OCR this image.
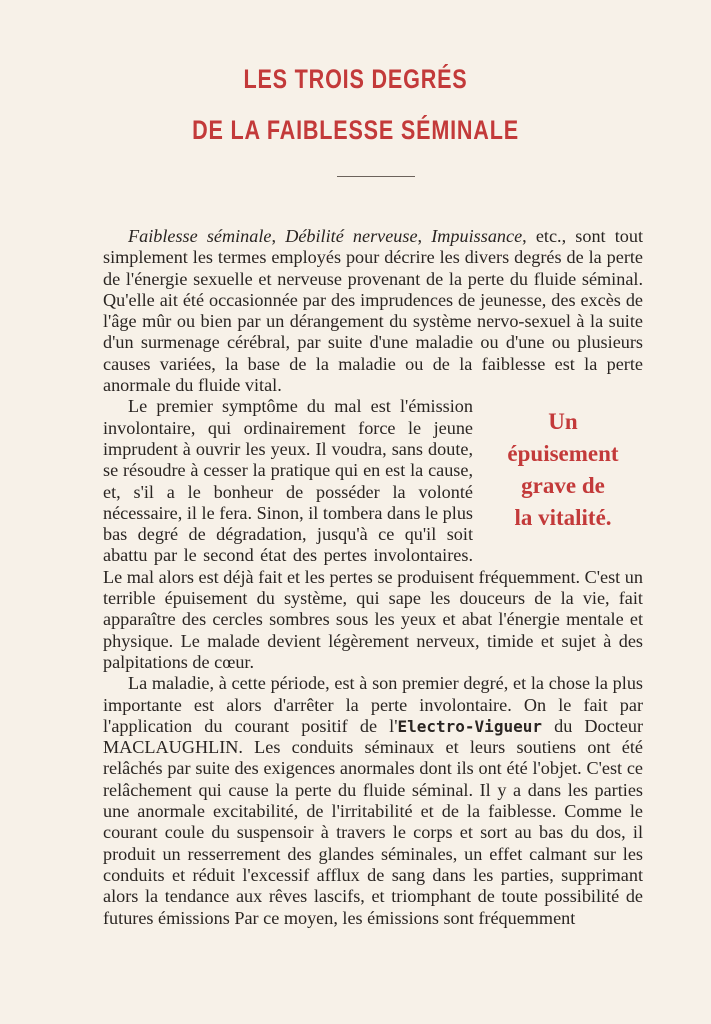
LES TROIS DEGRÉS
DE LA FAIBLESSE SÉMINALE

Faiblesse séminale, Débilité nerveuse, Impuissance, etc., sont tout simplement les termes employés pour décrire les divers degrés de la perte de l'énergie sexuelle et nerveuse provenant de la perte du fluide séminal. Qu'elle ait été occasionnée par des imprudences de jeunesse, des excès de l'âge mûr ou bien par un dérangement du système nervo-sexuel à la suite d'un surmenage cérébral, par suite d'une maladie ou d'une ou plusieurs causes variées, la base de la maladie ou de la faiblesse est la perte anormale du fluide vital.

Un
épuisement
grave de
la vitalité.

Le premier symptôme du mal est l'émission involontaire, qui ordinairement force le jeune imprudent à ouvrir les yeux. Il voudra, sans doute, se résoudre à cesser la pratique qui en est la cause, et, s'il a le bonheur de posséder la volonté nécessaire, il le fera. Sinon, il tombera dans le plus bas degré de dégradation, jusqu'à ce qu'il soit abattu par le second état des pertes involontaires. Le mal alors est déjà fait et les pertes se produisent fréquemment. C'est un terrible épuisement du système, qui sape les douceurs de la vie, fait apparaître des cercles sombres sous les yeux et abat l'énergie mentale et physique. Le malade devient légèrement nerveux, timide et sujet à des palpitations de cœur.

La maladie, à cette période, est à son premier degré, et la chose la plus importante est alors d'arrêter la perte involontaire. On le fait par l'application du courant positif de l'Electro-Vigueur du Docteur MACLAUGHLIN. Les conduits séminaux et leurs soutiens ont été relâchés par suite des exigences anormales dont ils ont été l'objet. C'est ce relâchement qui cause la perte du fluide séminal. Il y a dans les parties une anormale excitabilité, de l'irritabilité et de la faiblesse. Comme le courant coule du suspensoir à travers le corps et sort au bas du dos, il produit un resserrement des glandes séminales, un effet calmant sur les conduits et réduit l'excessif afflux de sang dans les parties, supprimant alors la tendance aux rêves lascifs, et triomphant de toute possibilité de futures émissions Par ce moyen, les émissions sont fréquemment
